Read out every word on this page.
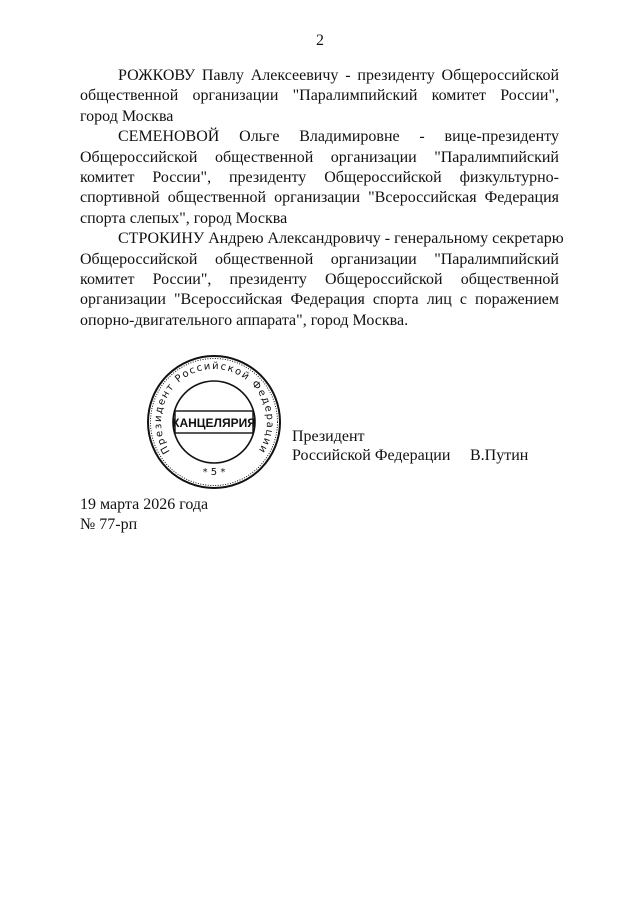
2
РОЖКОВУ Павлу Алексеевичу - президенту Общероссийской
общественной организации "Паралимпийский комитет России",
город Москва
СЕМЕНОВОЙ Ольге Владимировне - вице-президенту
Общероссийской общественной организации "Паралимпийский
комитет России", президенту Общероссийской физкультурно-
спортивной общественной организации "Всероссийская Федерация
спорта слепых", город Москва
СТРОКИНУ Андрею Александровичу - генеральному секретарю
Общероссийской общественной организации "Паралимпийский
комитет России", президенту Общероссийской общественной
организации "Всероссийская Федерация спорта лиц с поражением
опорно-двигательного аппарата", город Москва.
Президент Российской Федерации
* 5 *
КАНЦЕЛЯРИЯ
Президент
Российской Федерации В.Путин
19 марта 2026 года
№ 77-рп
